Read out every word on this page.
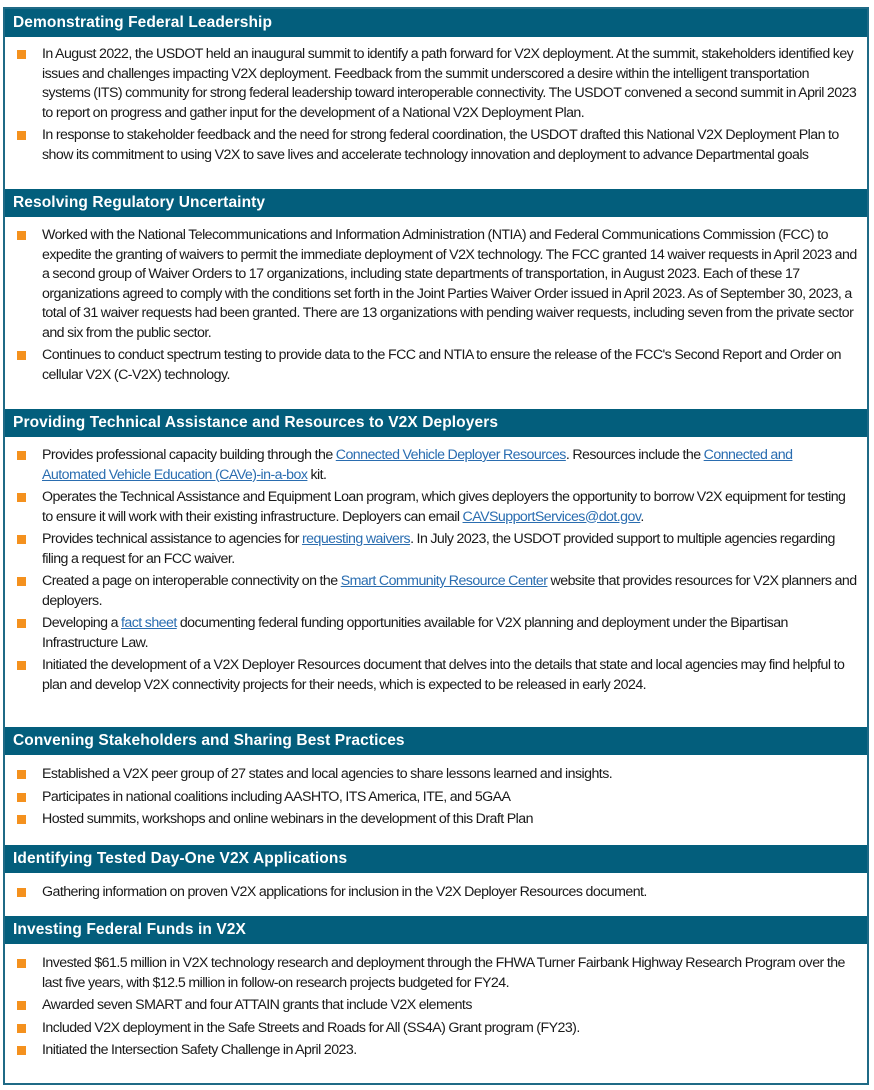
Demonstrating Federal Leadership
In August 2022, the USDOT held an inaugural summit to identify a path forward for V2X deployment. At the summit, stakeholders identified key issues and challenges impacting V2X deployment. Feedback from the summit underscored a desire within the intelligent transportation systems (ITS) community for strong federal leadership toward interoperable connectivity. The USDOT convened a second summit in April 2023 to report on progress and gather input for the development of a National V2X Deployment Plan.
In response to stakeholder feedback and the need for strong federal coordination, the USDOT drafted this National V2X Deployment Plan to show its commitment to using V2X to save lives and accelerate technology innovation and deployment to advance Departmental goals
Resolving Regulatory Uncertainty
Worked with the National Telecommunications and Information Administration (NTIA) and Federal Communications Commission (FCC) to expedite the granting of waivers to permit the immediate deployment of V2X technology. The FCC granted 14 waiver requests in April 2023 and a second group of Waiver Orders to 17 organizations, including state departments of transportation, in August 2023. Each of these 17 organizations agreed to comply with the conditions set forth in the Joint Parties Waiver Order issued in April 2023. As of September 30, 2023, a total of 31 waiver requests had been granted. There are 13 organizations with pending waiver requests, including seven from the private sector and six from the public sector.
Continues to conduct spectrum testing to provide data to the FCC and NTIA to ensure the release of the FCC's Second Report and Order on cellular V2X (C-V2X) technology.
Providing Technical Assistance and Resources to V2X Deployers
Provides professional capacity building through the Connected Vehicle Deployer Resources. Resources include the Connected and Automated Vehicle Education (CAVe)-in-a-box kit.
Operates the Technical Assistance and Equipment Loan program, which gives deployers the opportunity to borrow V2X equipment for testing to ensure it will work with their existing infrastructure. Deployers can email CAVSupportServices@dot.gov.
Provides technical assistance to agencies for requesting waivers. In July 2023, the USDOT provided support to multiple agencies regarding filing a request for an FCC waiver.
Created a page on interoperable connectivity on the Smart Community Resource Center website that provides resources for V2X planners and deployers.
Developing a fact sheet documenting federal funding opportunities available for V2X planning and deployment under the Bipartisan Infrastructure Law.
Initiated the development of a V2X Deployer Resources document that delves into the details that state and local agencies may find helpful to plan and develop V2X connectivity projects for their needs, which is expected to be released in early 2024.
Convening Stakeholders and Sharing Best Practices
Established a V2X peer group of 27 states and local agencies to share lessons learned and insights.
Participates in national coalitions including AASHTO, ITS America, ITE, and 5GAA
Hosted summits, workshops and online webinars in the development of this Draft Plan
Identifying Tested Day-One V2X Applications
Gathering information on proven V2X applications for inclusion in the V2X Deployer Resources document.
Investing Federal Funds in V2X
Invested $61.5 million in V2X technology research and deployment through the FHWA Turner Fairbank Highway Research Program over the last five years, with $12.5 million in follow-on research projects budgeted for FY24.
Awarded seven SMART and four ATTAIN grants that include V2X elements
Included V2X deployment in the Safe Streets and Roads for All (SS4A) Grant program (FY23).
Initiated the Intersection Safety Challenge in April 2023.
